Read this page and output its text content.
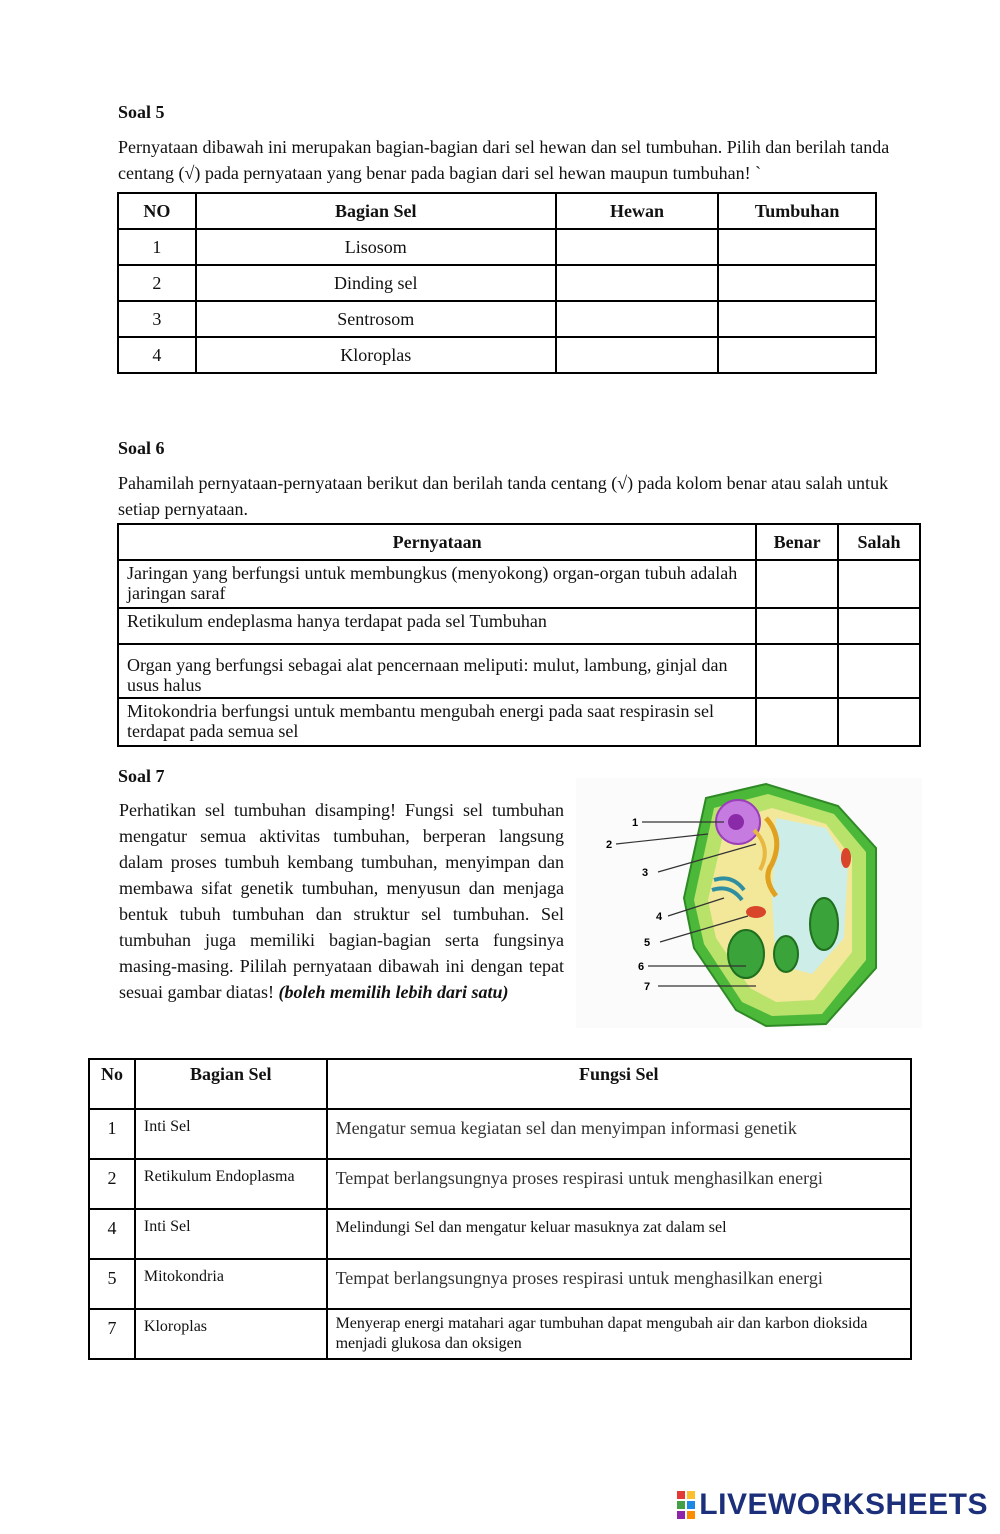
Soal 5
Pernyataan dibawah ini merupakan bagian-bagian dari sel hewan dan sel tumbuhan. Pilih dan berilah tanda centang (√) pada pernyataan yang benar pada bagian dari sel hewan maupun tumbuhan! `
NO	Bagian Sel	Hewan	Tumbuhan
1	Lisosom		
2	Dinding sel		
3	Sentrosom		
4	Kloroplas		
Soal 6
Pahamilah pernyataan-pernyataan berikut dan berilah tanda centang (√) pada kolom benar atau salah untuk setiap pernyataan.
Pernyataan	Benar	Salah
Jaringan yang berfungsi untuk membungkus (menyokong) organ-organ tubuh adalah jaringan saraf		
Retikulum endeplasma hanya terdapat pada sel Tumbuhan		
Organ yang berfungsi sebagai alat pencernaan meliputi: mulut, lambung, ginjal dan usus halus		
Mitokondria berfungsi untuk membantu mengubah energi pada saat respirasin sel terdapat pada semua sel		
Soal 7
Perhatikan sel tumbuhan disamping! Fungsi sel tumbuhan mengatur semua aktivitas tumbuhan, berperan langsung dalam proses tumbuh kembang tumbuhan, menyimpan dan membawa sifat genetik tumbuhan, menyusun dan menjaga bentuk tubuh tumbuhan dan struktur sel tumbuhan. Sel tumbuhan juga memiliki bagian-bagian serta fungsinya masing-masing. Pililah pernyataan dibawah ini dengan tepat sesuai gambar diatas! (boleh memilih lebih dari satu)
1
2
3
4
5
6
7
No	Bagian Sel	Fungsi Sel
1	Inti Sel	Mengatur semua kegiatan sel dan menyimpan informasi genetik
2	Retikulum Endoplasma	Tempat berlangsungnya proses respirasi untuk menghasilkan energi
4	Inti Sel	Melindungi Sel dan mengatur keluar masuknya zat dalam sel
5	Mitokondria	Tempat berlangsungnya proses respirasi untuk menghasilkan energi
7	Kloroplas	Menyerap energi matahari agar tumbuhan dapat mengubah air dan karbon dioksida menjadi glukosa dan oksigen
LIVEWORKSHEETS
